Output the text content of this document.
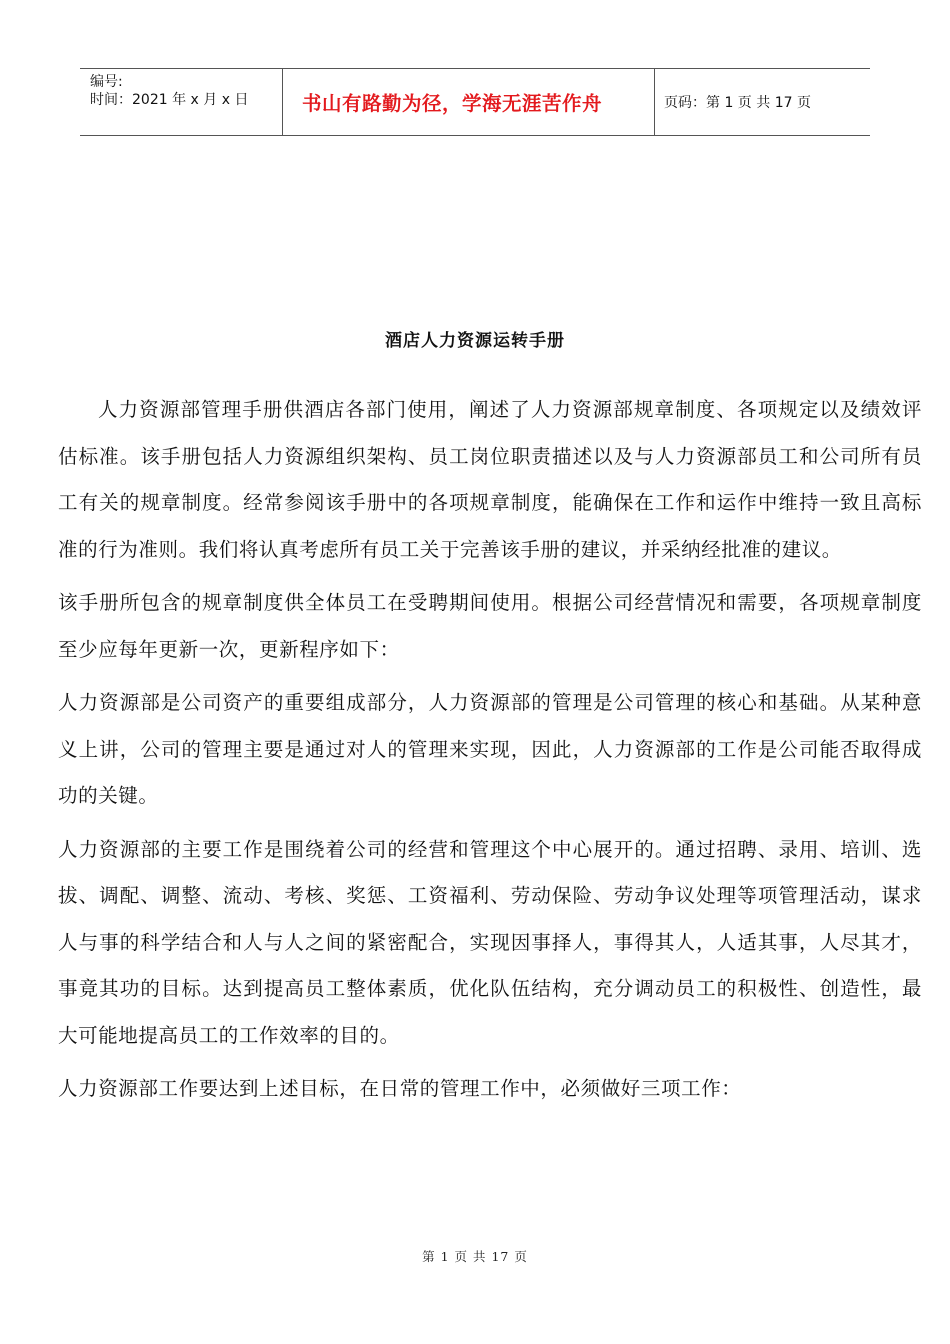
编号:
时间：2021 年 x 月 x 日	书山有路勤为径，学海无涯苦作舟	页码：第 1 页 共 17 页
酒店人力资源运转手册

人力资源部管理手册供酒店各部门使用，阐述了人力资源部规章制度、各项规定以及绩效评估标准。该手册包括人力资源组织架构、员工岗位职责描述以及与人力资源部员工和公司所有员工有关的规章制度。经常参阅该手册中的各项规章制度，能确保在工作和运作中维持一致且高标准的行为准则。我们将认真考虑所有员工关于完善该手册的建议，并采纳经批准的建议。

该手册所包含的规章制度供全体员工在受聘期间使用。根据公司经营情况和需要，各项规章制度至少应每年更新一次，更新程序如下：

人力资源部是公司资产的重要组成部分，人力资源部的管理是公司管理的核心和基础。从某种意义上讲，公司的管理主要是通过对人的管理来实现，因此，人力资源部的工作是公司能否取得成功的关键。

人力资源部的主要工作是围绕着公司的经营和管理这个中心展开的。通过招聘、录用、培训、选拔、调配、调整、流动、考核、奖惩、工资福利、劳动保险、劳动争议处理等项管理活动，谋求人与事的科学结合和人与人之间的紧密配合，实现因事择人，事得其人，人适其事，人尽其才，事竟其功的目标。达到提高员工整体素质，优化队伍结构，充分调动员工的积极性、创造性，最大可能地提高员工的工作效率的目的。

人力资源部工作要达到上述目标，在日常的管理工作中，必须做好三项工作：

第 1 页 共 17 页
